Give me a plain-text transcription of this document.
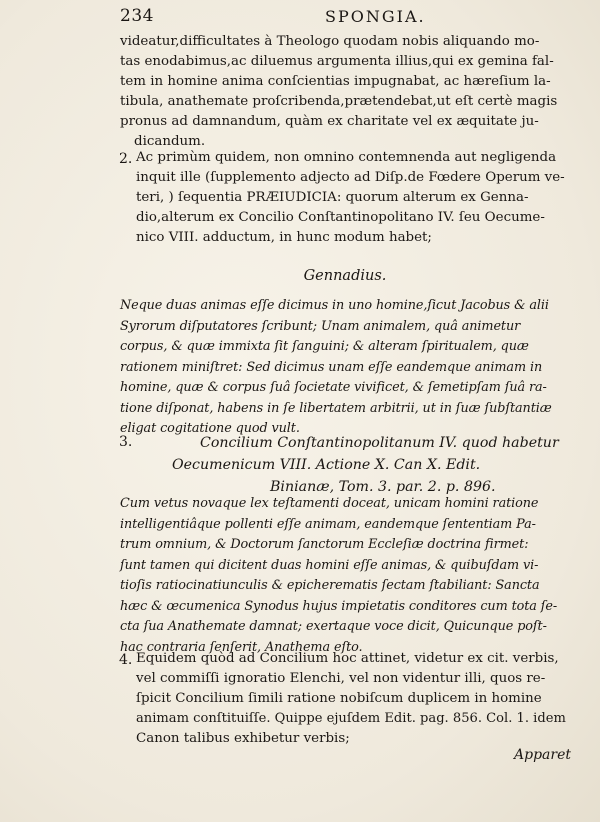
234	SPONGIA.
videatur,difficultates à Theologo quodam nobis aliquando mo-
tas enodabimus,ac diluemus argumenta illius,qui ex gemina fal-
tem in homine anima conſcientias impugnabat, ac hæreſium la-
tibula, anathemate proſcribenda,prætendebat,ut eſt certè magis
pronus ad damnandum, quàm ex charitate vel ex æquitate ju-
dicandum.
2. Ac primùm quidem, non omnino contemnenda aut negligenda
inquit ille (ſupplemento adjecto ad Diſp.de Fœdere Operum ve-
teri, ) ſequentia PRÆIUDICIA: quorum alterum ex Genna-
dio,alterum ex Concilio Conſtantinopolitano IV. ſeu Oecume-
nico VIII. adductum, in hunc modum habet;
Gennadius.
Neque duas animas eſſe dicimus in uno homine,ſicut Jacobus & alii
Syrorum diſputatores ſcribunt; Unam animalem, quâ animetur
corpus, & quæ immixta ſit ſanguini; & alteram ſpiritualem, quæ
rationem miniſtret: Sed dicimus unam eſſe eandemque animam in
homine, quæ & corpus ſuâ ſocietate vivificet, & ſemetipſam ſuâ ra-
tione diſponat, habens in ſe libertatem arbitrii, ut in ſuæ ſubſtantiæ
eligat cogitatione quod vult.
3.	Concilium Conſtantinopolitanum IV. quod habetur
Oecumenicum VIII. Actione X. Can X. Edit.
Binianæ, Tom. 3. par. 2. p. 896.
Cum vetus novaque lex teſtamenti doceat, unicam homini ratione
intelligentiâque pollenti eſſe animam, eandemque ſententiam Pa-
trum omnium, & Doctorum ſanctorum Eccleſiæ doctrina firmet:
ſunt tamen qui dicitent duas homini eſſe animas, & quibuſdam vi-
tioſis ratiocinatiunculis & epicherematis ſectam ſtabiliant: Sancta
hæc & œcumenica Synodus hujus impietatis conditores cum tota ſe-
cta ſua Anathemate damnat; exertaque voce dicit, Quicunque poſt-
hac contraria ſenſerit, Anathema eſto.
4. Equidem quòd ad Concilium hoc attinet, videtur ex cit. verbis,
vel commiſſi ignoratio Elenchi, vel non videntur illi, quos re-
ſpicit Concilium ſimili ratione nobiſcum duplicem in homine
animam conſtituiſſe. Quippe ejuſdem Edit. pag. 856. Col. 1. idem
Canon talibus exhibetur verbis;
Apparet
